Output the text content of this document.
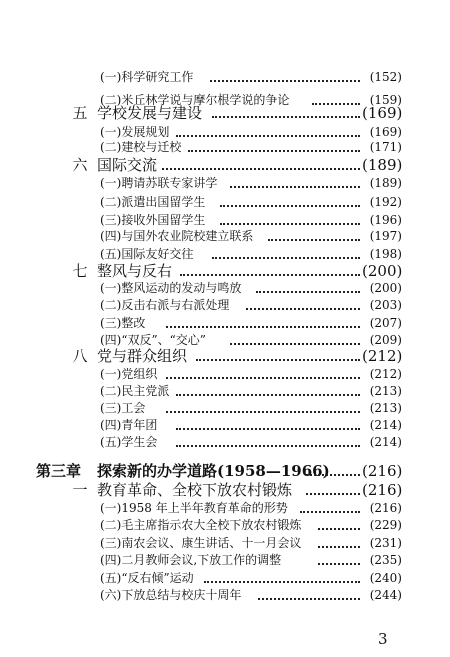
(一)科学研究工作	(152)
(二)米丘林学说与摩尔根学说的争论	(159)
五 学校发展与建设	(169)
(一)发展规划	(169)
(二)建校与迁校	(171)
六 国际交流	(189)
(一)聘请苏联专家讲学	(189)
(二)派遣出国留学生	(192)
(三)接收外国留学生	(196)
(四)与国外农业院校建立联系	(197)
(五)国际友好交往	(198)
七 整风与反右	(200)
(一)整风运动的发动与鸣放	(200)
(二)反击右派与右派处理	(203)
(三)整改	(207)
(四)“双反”、“交心”	(209)
八 党与群众组织	(212)
(一)党组织	(212)
(二)民主党派	(213)
(三)工会	(213)
(四)青年团	(214)
(五)学生会	(214)
第三章 探索新的办学道路(1958—1966) (216)
一 教育革命、全校下放农村锻炼	(216)
(一)1958 年上半年教育革命的形势	(216)
(二)毛主席指示农大全校下放农村锻炼	(229)
(三)南农会议、康生讲话、十一月会议	(231)
(四)二月教师会议,下放工作的调整	(235)
(五)“反右倾”运动	(240)
(六)下放总结与校庆十周年	(244)
3
